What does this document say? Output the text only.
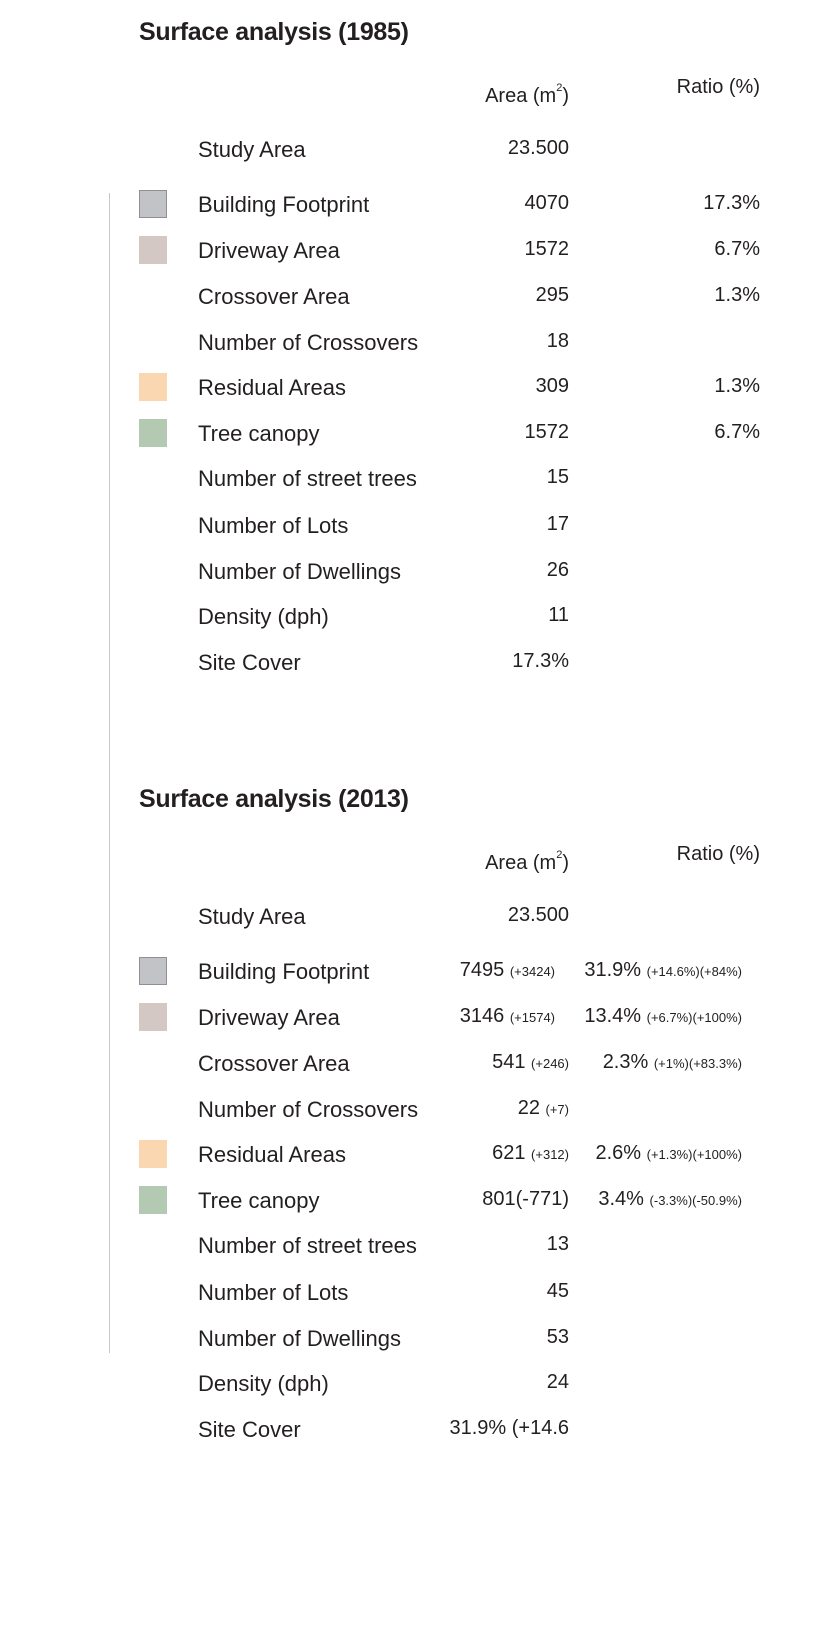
Surface analysis (1985)
Area $(m^2)$	Ratio (%)
Study Area	23.500
Building Footprint	4070	17.3%
Driveway Area	1572	6.7%
Crossover Area	295	1.3%
Number of Crossovers	18
Residual Areas	309	1.3%
Tree canopy	1572	6.7%
Number of street trees	15
Number of Lots	17
Number of Dwellings	26
Density (dph)	11
Site Cover	17.3%
Surface analysis (2013)
Area $(m^2)$	Ratio (%)
Study Area	23.500
Building Footprint	7495 (+3424) 31.9% (+14.6%)(+84%)
Driveway Area	3146 (+1574) 13.4% (+6.7%)(+100%)
Crossover Area	541 (+246) 2.3% (+1%)(+83.3%)
Number of Crossovers	22 (+7)
Residual Areas	621 (+312) 2.6% (+1.3%)(+100%)
Tree canopy	801(-771) 3.4% (-3.3%)(-50.9%)
Number of street trees	13
Number of Lots	45
Number of Dwellings	53
Density (dph)	24
Site Cover	31.9% (+14.6
